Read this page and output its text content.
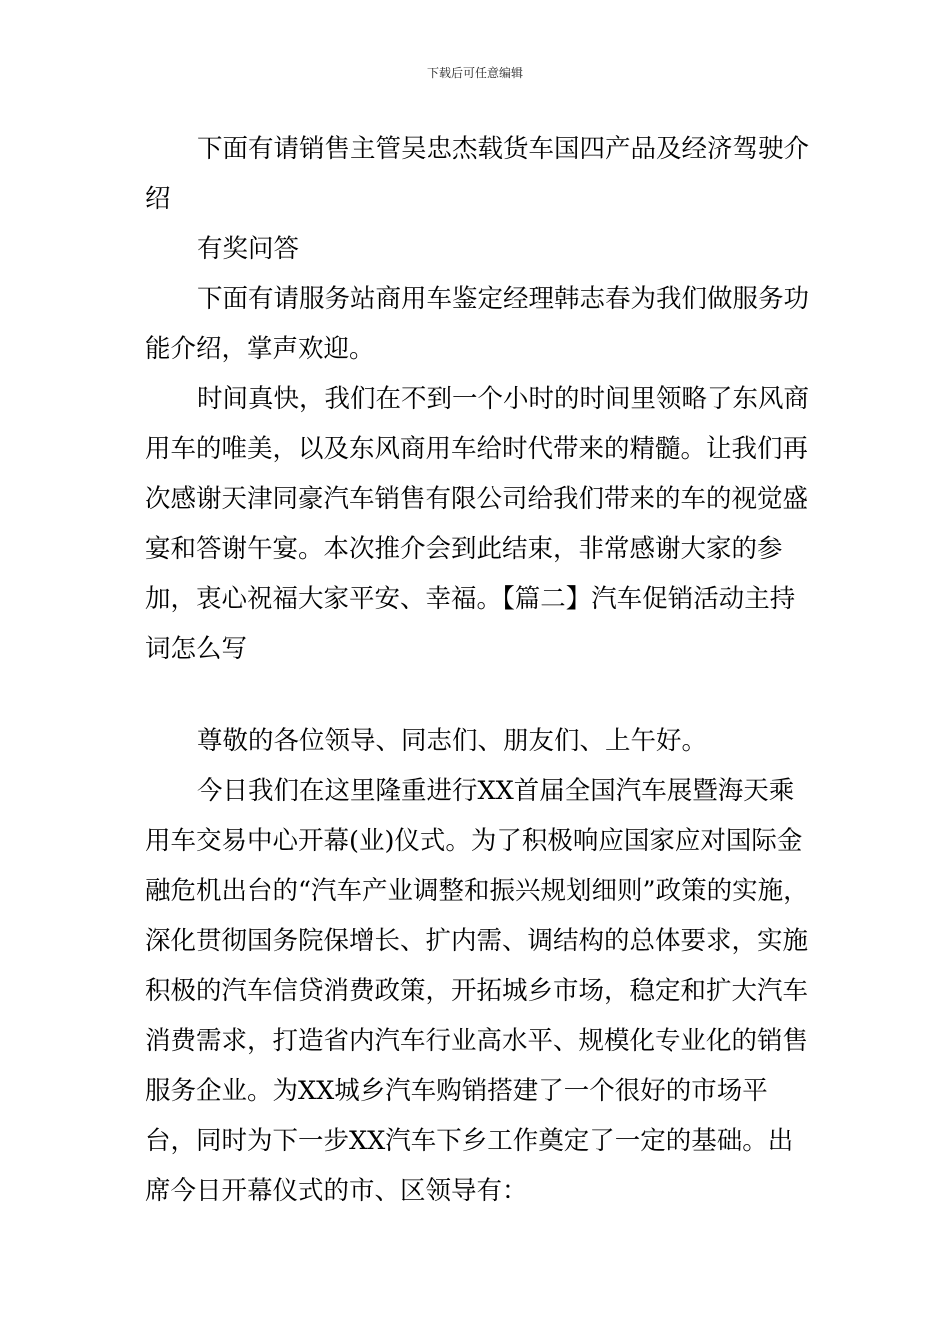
下载后可任意编辑

下面有请销售主管吴忠杰载货车国四产品及经济驾驶介绍

有奖问答

下面有请服务站商用车鉴定经理韩志春为我们做服务功能介绍，掌声欢迎。

时间真快，我们在不到一个小时的时间里领略了东风商用车的唯美，以及东风商用车给时代带来的精髓。让我们再次感谢天津同豪汽车销售有限公司给我们带来的车的视觉盛宴和答谢午宴。本次推介会到此结束，非常感谢大家的参加，衷心祝福大家平安、幸福。【篇二】汽车促销活动主持词怎么写

尊敬的各位领导、同志们、朋友们、上午好。

今日我们在这里隆重进行XX首届全国汽车展暨海天乘用车交易中心开幕(业)仪式。为了积极响应国家应对国际金融危机出台的“汽车产业调整和振兴规划细则”政策的实施，深化贯彻国务院保增长、扩内需、调结构的总体要求，实施积极的汽车信贷消费政策，开拓城乡市场，稳定和扩大汽车消费需求，打造省内汽车行业高水平、规模化专业化的销售服务企业。为XX城乡汽车购销搭建了一个很好的市场平台，同时为下一步XX汽车下乡工作奠定了一定的基础。出席今日开幕仪式的市、区领导有：
